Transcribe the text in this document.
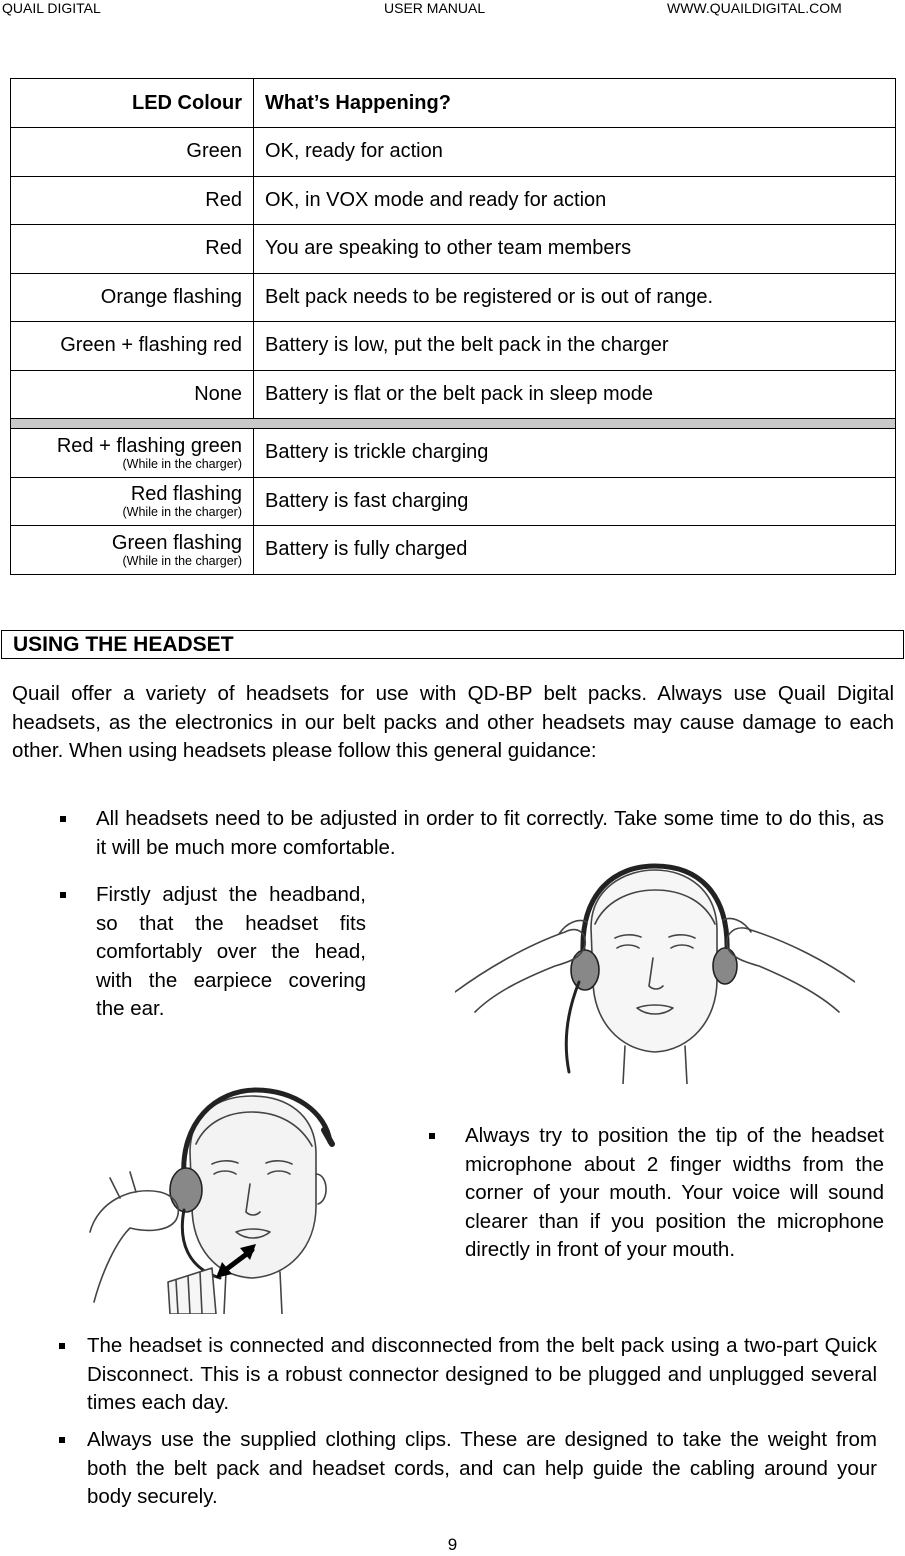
QUAIL DIGITAL	USER MANUAL	WWW.QUAILDIGITAL.COM
LED Colour	What’s Happening?
Green	OK, ready for action
Red	OK, in VOX mode and ready for action
Red	You are speaking to other team members
Orange flashing	Belt pack needs to be registered or is out of range.
Green + flashing red	Battery is low, put the belt pack in the charger
None	Battery is flat or the belt pack in sleep mode

Red + flashing green
(While in the charger)	Battery is trickle charging

Red flashing
(While in the charger)	Battery is fast charging

Green flashing
(While in the charger)	Battery is fully charged
USING THE HEADSET
Quail offer a variety of headsets for use with QD-BP belt packs. Always use Quail Digital headsets, as the electronics in our belt packs and other headsets may cause damage to each other. When using headsets please follow this general guidance:
All headsets need to be adjusted in order to fit correctly. Take some time to do this, as it will be much more comfortable.
Firstly adjust the headband, so that the headset fits comfortably over the head, with the earpiece covering the ear.
Always try to position the tip of the headset microphone about 2 finger widths from the corner of your mouth. Your voice will sound clearer than if you position the microphone directly in front of your mouth.
The headset is connected and disconnected from the belt pack using a two-part Quick Disconnect. This is a robust connector designed to be plugged and unplugged several times each day.
Always use the supplied clothing clips. These are designed to take the weight from both the belt pack and headset cords, and can help guide the cabling around your body securely.
9
